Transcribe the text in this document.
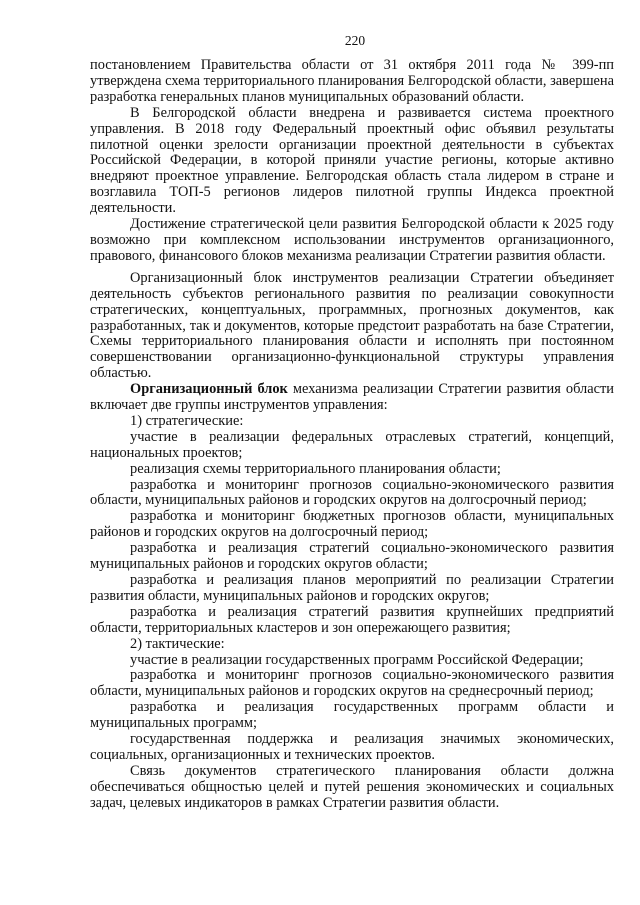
220

постановлением Правительства области от 31 октября 2011 года № 399-пп утверждена схема территориального планирования Белгородской области, завершена разработка генеральных планов муниципальных образований области.

В Белгородской области внедрена и развивается система проектного управления. В 2018 году Федеральный проектный офис объявил результаты пилотной оценки зрелости организации проектной деятельности в субъектах Российской Федерации, в которой приняли участие регионы, которые активно внедряют проектное управление. Белгородская область стала лидером в стране и возглавила ТОП-5 регионов лидеров пилотной группы Индекса проектной деятельности.

Достижение стратегической цели развития Белгородской области к 2025 году возможно при комплексном использовании инструментов организационного, правового, финансового блоков механизма реализации Стратегии развития области.

Организационный блок инструментов реализации Стратегии объединяет деятельность субъектов регионального развития по реализации совокупности стратегических, концептуальных, программных, прогнозных документов, как разработанных, так и документов, которые предстоит разработать на базе Стратегии, Схемы территориального планирования области и исполнять при постоянном совершенствовании организационно-функциональной структуры управления областью.

Организационный блок механизма реализации Стратегии развития области включает две группы инструментов управления:

1) стратегические:

участие в реализации федеральных отраслевых стратегий, концепций, национальных проектов;

реализация схемы территориального планирования области;

разработка и мониторинг прогнозов социально-экономического развития области, муниципальных районов и городских округов на долгосрочный период;

разработка и мониторинг бюджетных прогнозов области, муниципальных районов и городских округов на долгосрочный период;

разработка и реализация стратегий социально-экономического развития муниципальных районов и городских округов области;

разработка и реализация планов мероприятий по реализации Стратегии развития области, муниципальных районов и городских округов;

разработка и реализация стратегий развития крупнейших предприятий области, территориальных кластеров и зон опережающего развития;

2) тактические:

участие в реализации государственных программ Российской Федерации;

разработка и мониторинг прогнозов социально-экономического развития области, муниципальных районов и городских округов на среднесрочный период;

разработка и реализация государственных программ области и муниципальных программ;

государственная поддержка и реализация значимых экономических, социальных, организационных и технических проектов.

Связь документов стратегического планирования области должна обеспечиваться общностью целей и путей решения экономических и социальных задач, целевых индикаторов в рамках Стратегии развития области.
